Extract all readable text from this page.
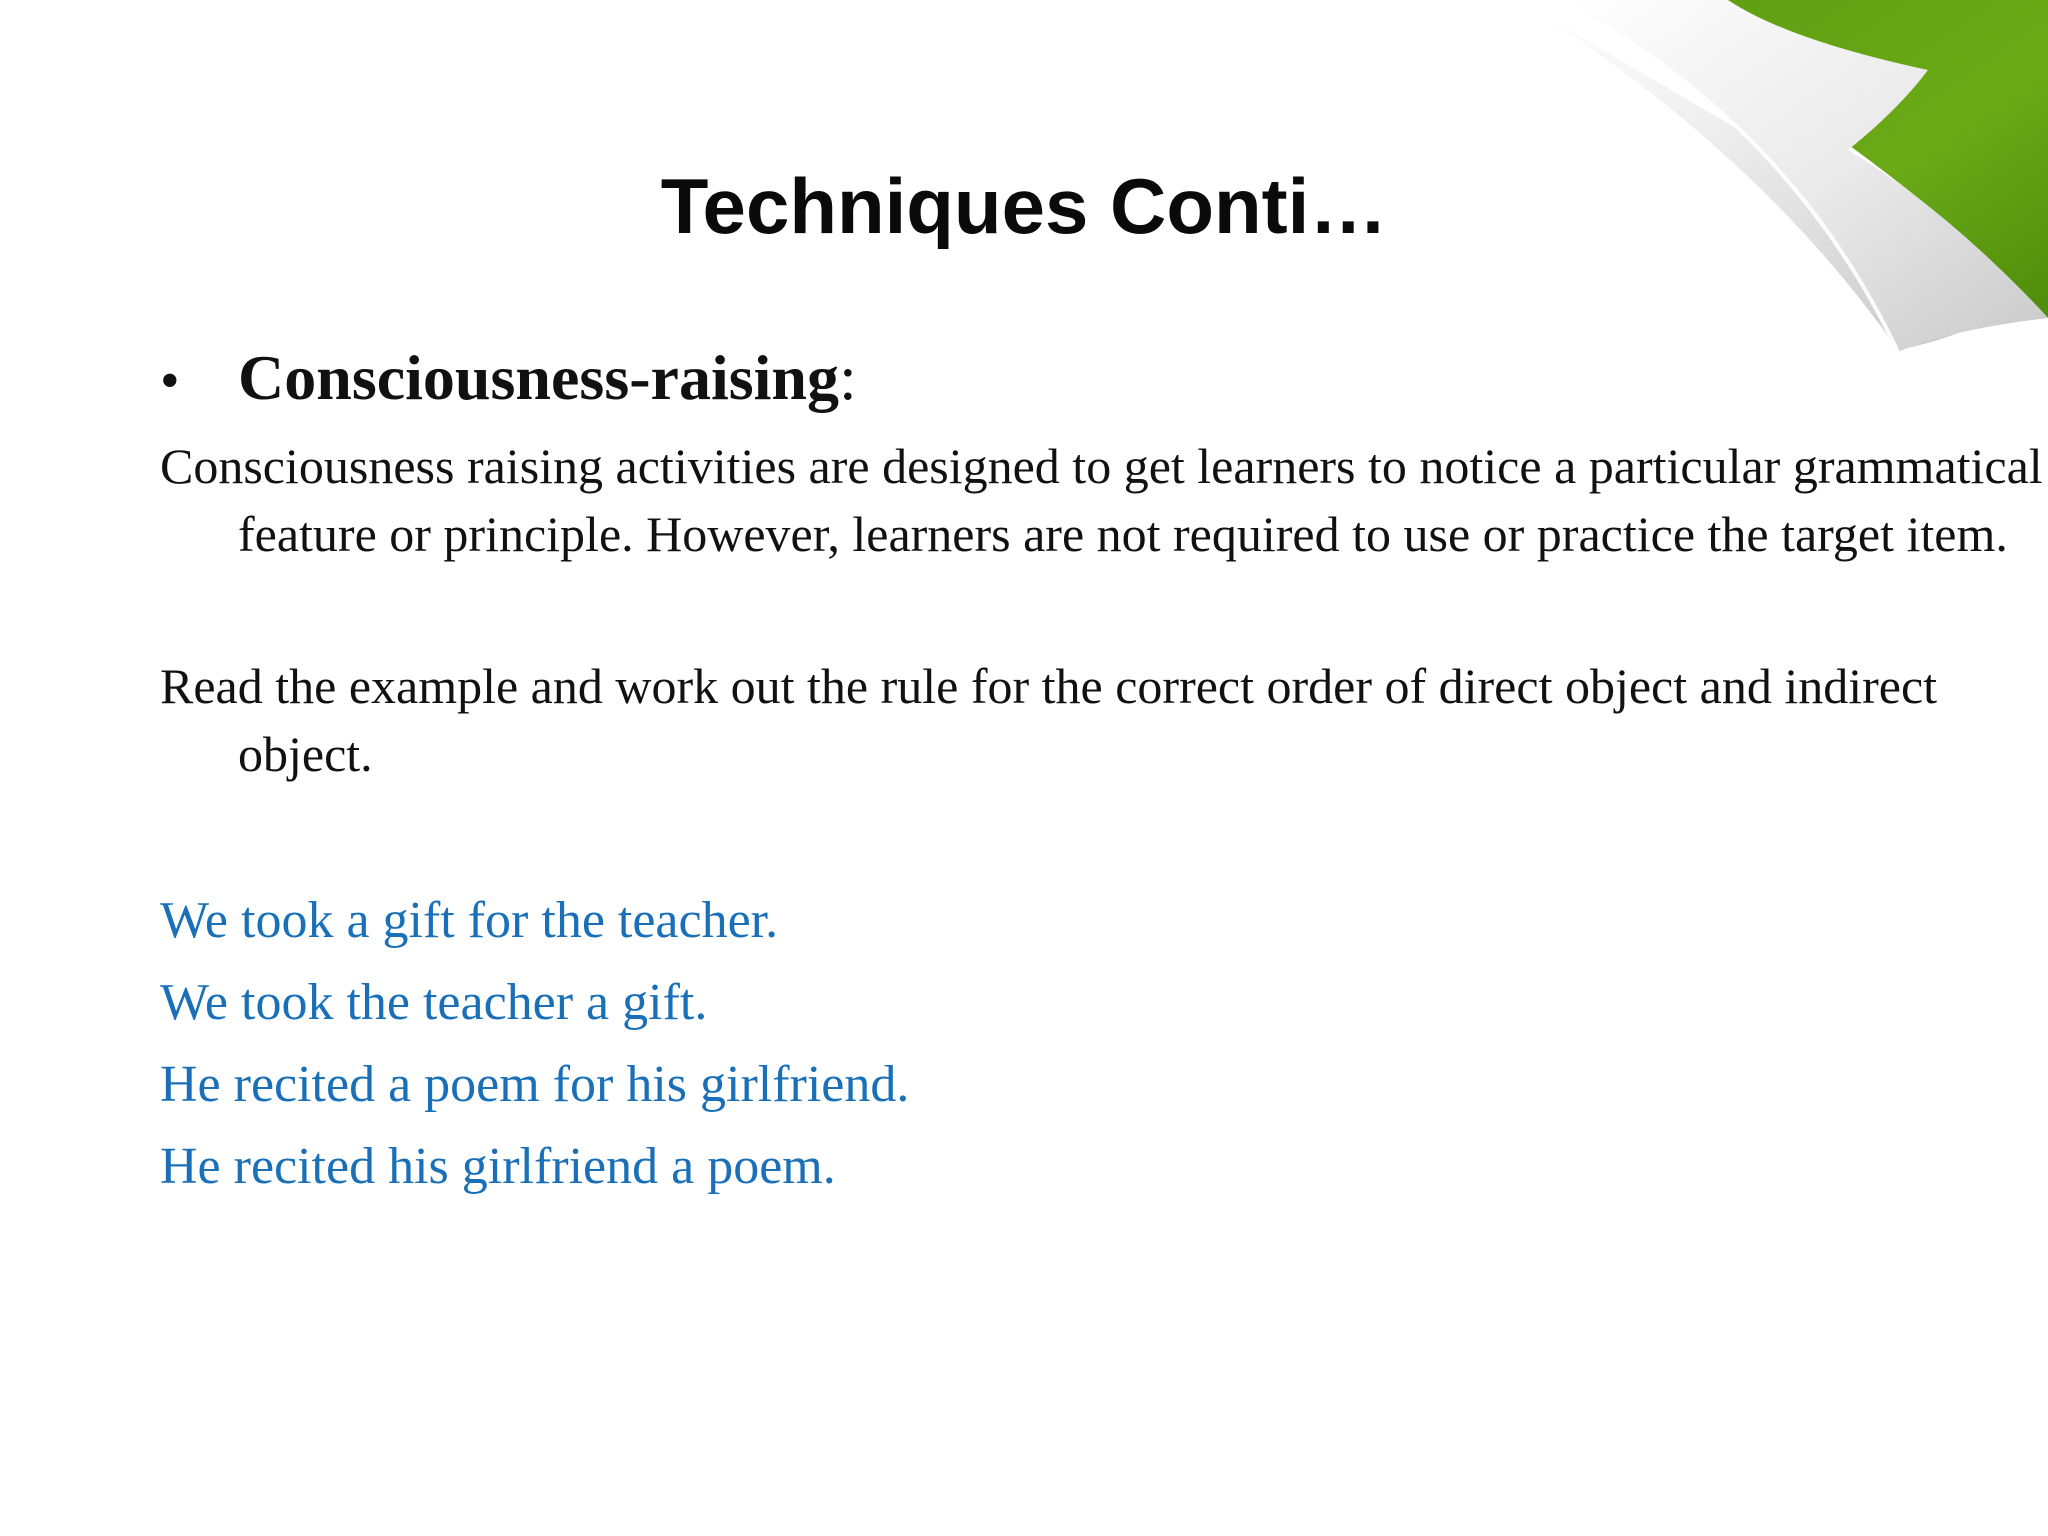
Techniques Conti…
• Consciousness-raising:
Consciousness raising activities are designed to get learners to notice a particular grammatical feature or principle. However, learners are not required to use or practice the target item.
Read the example and work out the rule for the correct order of direct object and indirect object.
We took a gift for the teacher.
We took the teacher a gift.
He recited a poem for his girlfriend.
He recited his girlfriend a poem.
